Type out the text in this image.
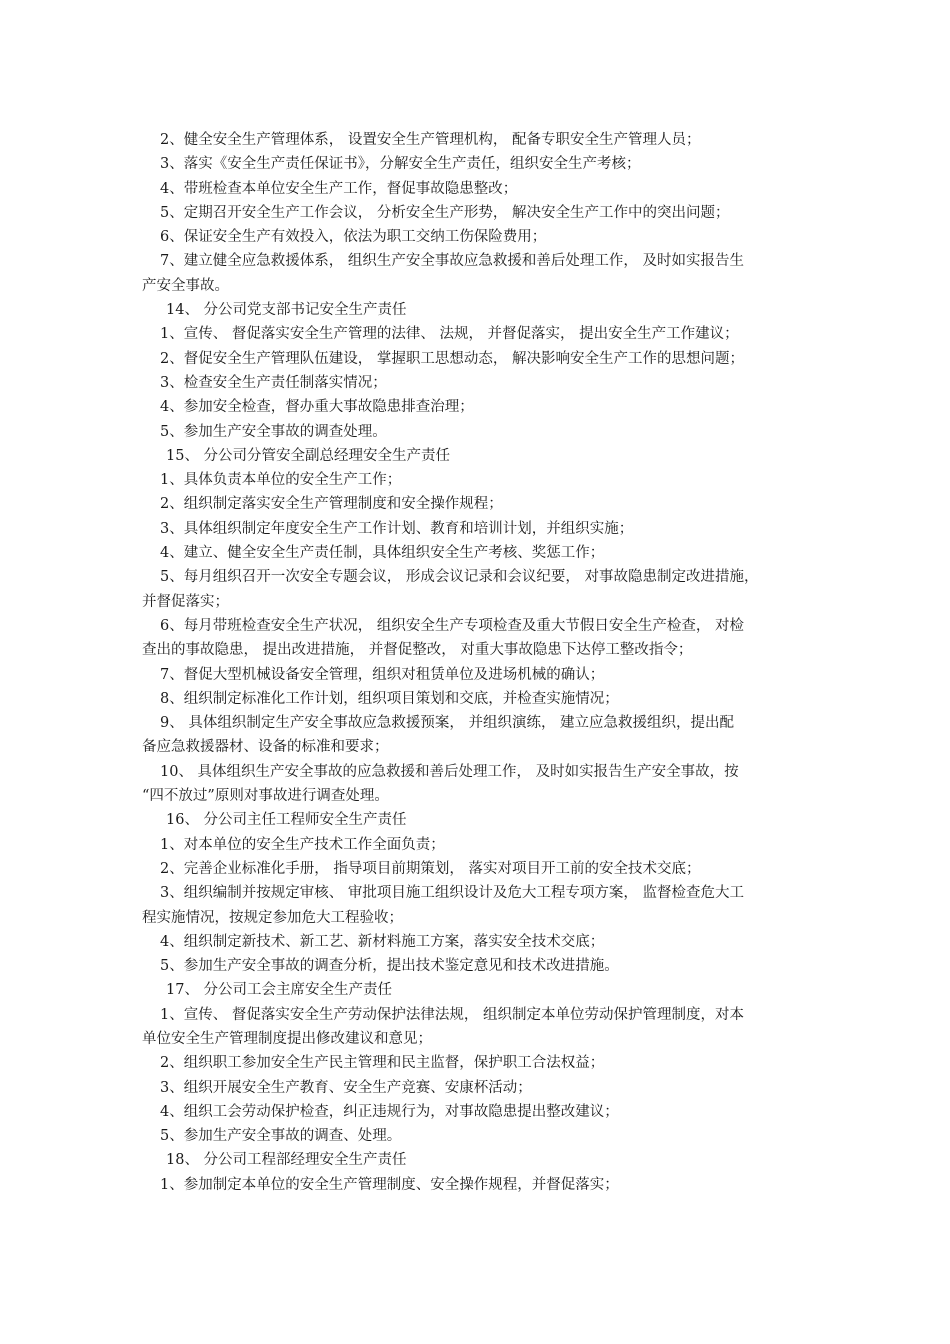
2、健全安全生产管理体系， 设置安全生产管理机构， 配备专职安全生产管理人员；

3、落实《安全生产责任保证书》，分解安全生产责任，组织安全生产考核；

4、带班检查本单位安全生产工作，督促事故隐患整改；

5、定期召开安全生产工作会议， 分析安全生产形势， 解决安全生产工作中的突出问题；

6、保证安全生产有效投入，依法为职工交纳工伤保险费用；

7、建立健全应急救援体系， 组织生产安全事故应急救援和善后处理工作， 及时如实报告生

产安全事故。

14、 分公司党支部书记安全生产责任

1、宣传、 督促落实安全生产管理的法律、 法规， 并督促落实， 提出安全生产工作建议；

2、督促安全生产管理队伍建设， 掌握职工思想动态， 解决影响安全生产工作的思想问题；

3、检查安全生产责任制落实情况；

4、参加安全检查，督办重大事故隐患排查治理；

5、参加生产安全事故的调查处理。

15、 分公司分管安全副总经理安全生产责任

1、具体负责本单位的安全生产工作；

2、组织制定落实安全生产管理制度和安全操作规程；

3、具体组织制定年度安全生产工作计划、教育和培训计划，并组织实施；

4、建立、健全安全生产责任制，具体组织安全生产考核、奖惩工作；

5、每月组织召开一次安全专题会议， 形成会议记录和会议纪要， 对事故隐患制定改进措施，

并督促落实；

6、每月带班检查安全生产状况， 组织安全生产专项检查及重大节假日安全生产检查， 对检

查出的事故隐患， 提出改进措施， 并督促整改， 对重大事故隐患下达停工整改指令；

7、督促大型机械设备安全管理，组织对租赁单位及进场机械的确认；

8、组织制定标准化工作计划，组织项目策划和交底，并检查实施情况；

9、 具体组织制定生产安全事故应急救援预案， 并组织演练， 建立应急救援组织，提出配

备应急救援器材、设备的标准和要求；

10、 具体组织生产安全事故的应急救援和善后处理工作， 及时如实报告生产安全事故，按

“四不放过”原则对事故进行调查处理。

16、 分公司主任工程师安全生产责任

1、对本单位的安全生产技术工作全面负责；

2、完善企业标准化手册， 指导项目前期策划， 落实对项目开工前的安全技术交底；

3、组织编制并按规定审核、 审批项目施工组织设计及危大工程专项方案， 监督检查危大工

程实施情况，按规定参加危大工程验收；

4、组织制定新技术、新工艺、新材料施工方案，落实安全技术交底；

5、参加生产安全事故的调查分析，提出技术鉴定意见和技术改进措施。

17、 分公司工会主席安全生产责任

1、宣传、 督促落实安全生产劳动保护法律法规， 组织制定本单位劳动保护管理制度，对本

单位安全生产管理制度提出修改建议和意见；

2、组织职工参加安全生产民主管理和民主监督，保护职工合法权益；

3、组织开展安全生产教育、安全生产竞赛、安康杯活动；

4、组织工会劳动保护检查，纠正违规行为，对事故隐患提出整改建议；

5、参加生产安全事故的调查、处理。

18、 分公司工程部经理安全生产责任

1、参加制定本单位的安全生产管理制度、安全操作规程，并督促落实；
